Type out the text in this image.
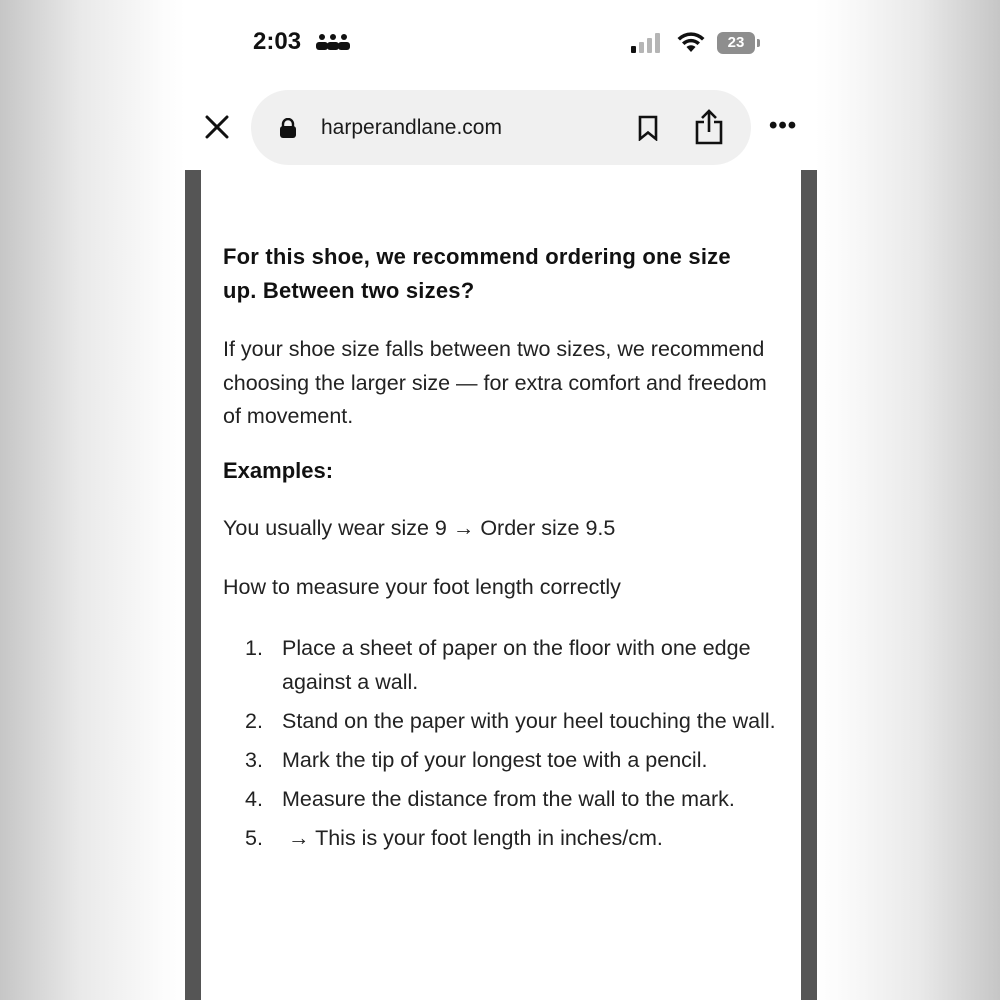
2:03	23
harperandlane.com	•••

For this shoe, we recommend ordering one size up. Between two sizes?

If your shoe size falls between two sizes, we recommend choosing the larger size — for extra comfort and freedom of movement.

Examples:

You usually wear size 9 → Order size 9.5

How to measure your foot length correctly

1. Place a sheet of paper on the floor with one edge against a wall.
2. Stand on the paper with your heel touching the wall.
3. Mark the tip of your longest toe with a pencil.
4. Measure the distance from the wall to the mark.
5. → This is your foot length in inches/cm.
